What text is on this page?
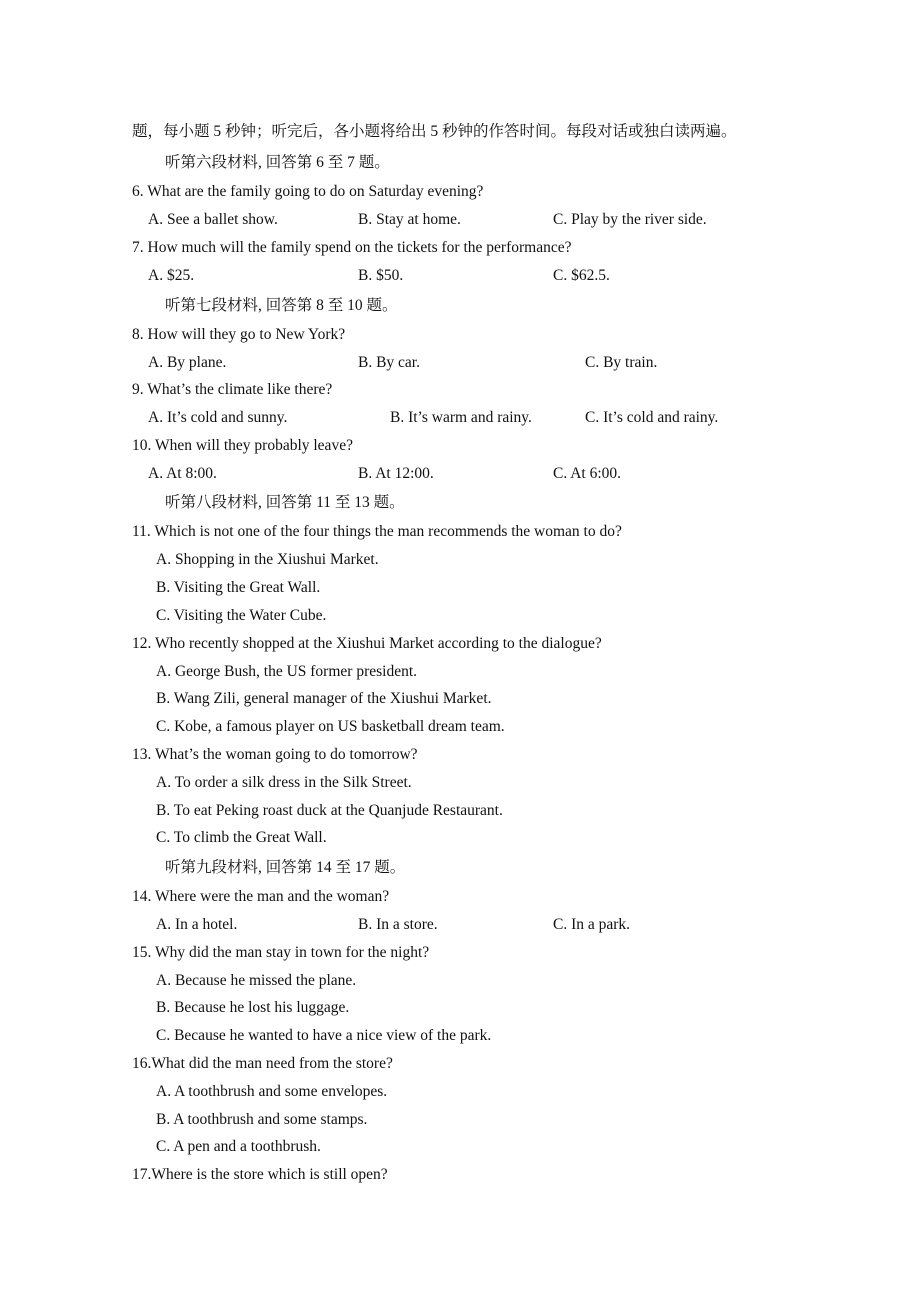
题，每小题 5 秒钟；听完后，各小题将给出 5 秒钟的作答时间。每段对话或独白读两遍。
听第六段材料, 回答第 6 至 7 题。
6. What are the family going to do on Saturday evening?
A. See a ballet show.	B. Stay at home.	C. Play by the river side.
7. How much will the family spend on the tickets for the performance?
A. $25.	B. $50.	C. $62.5.
听第七段材料, 回答第 8 至 10 题。
8. How will they go to New York?
A. By plane.	B. By car.	C. By train.
9. What’s the climate like there?
A. It’s cold and sunny.	B. It’s warm and rainy.	C. It’s cold and rainy.
10. When will they probably leave?
A. At 8:00.	B. At 12:00.	C. At 6:00.
听第八段材料, 回答第 11 至 13 题。
11. Which is not one of the four things the man recommends the woman to do?
A. Shopping in the Xiushui Market.
B. Visiting the Great Wall.
C. Visiting the Water Cube.
12. Who recently shopped at the Xiushui Market according to the dialogue?
A. George Bush, the US former president.
B. Wang Zili, general manager of the Xiushui Market.
C. Kobe, a famous player on US basketball dream team.
13. What’s the woman going to do tomorrow?
A. To order a silk dress in the Silk Street.
B. To eat Peking roast duck at the Quanjude Restaurant.
C. To climb the Great Wall.
听第九段材料, 回答第 14 至 17 题。
14. Where were the man and the woman?
A. In a hotel.	B. In a store.	C. In a park.
15. Why did the man stay in town for the night?
A. Because he missed the plane.
B. Because he lost his luggage.
C. Because he wanted to have a nice view of the park.
16.What did the man need from the store?
A. A toothbrush and some envelopes.
B. A toothbrush and some stamps.
C. A pen and a toothbrush.
17.Where is the store which is still open?
